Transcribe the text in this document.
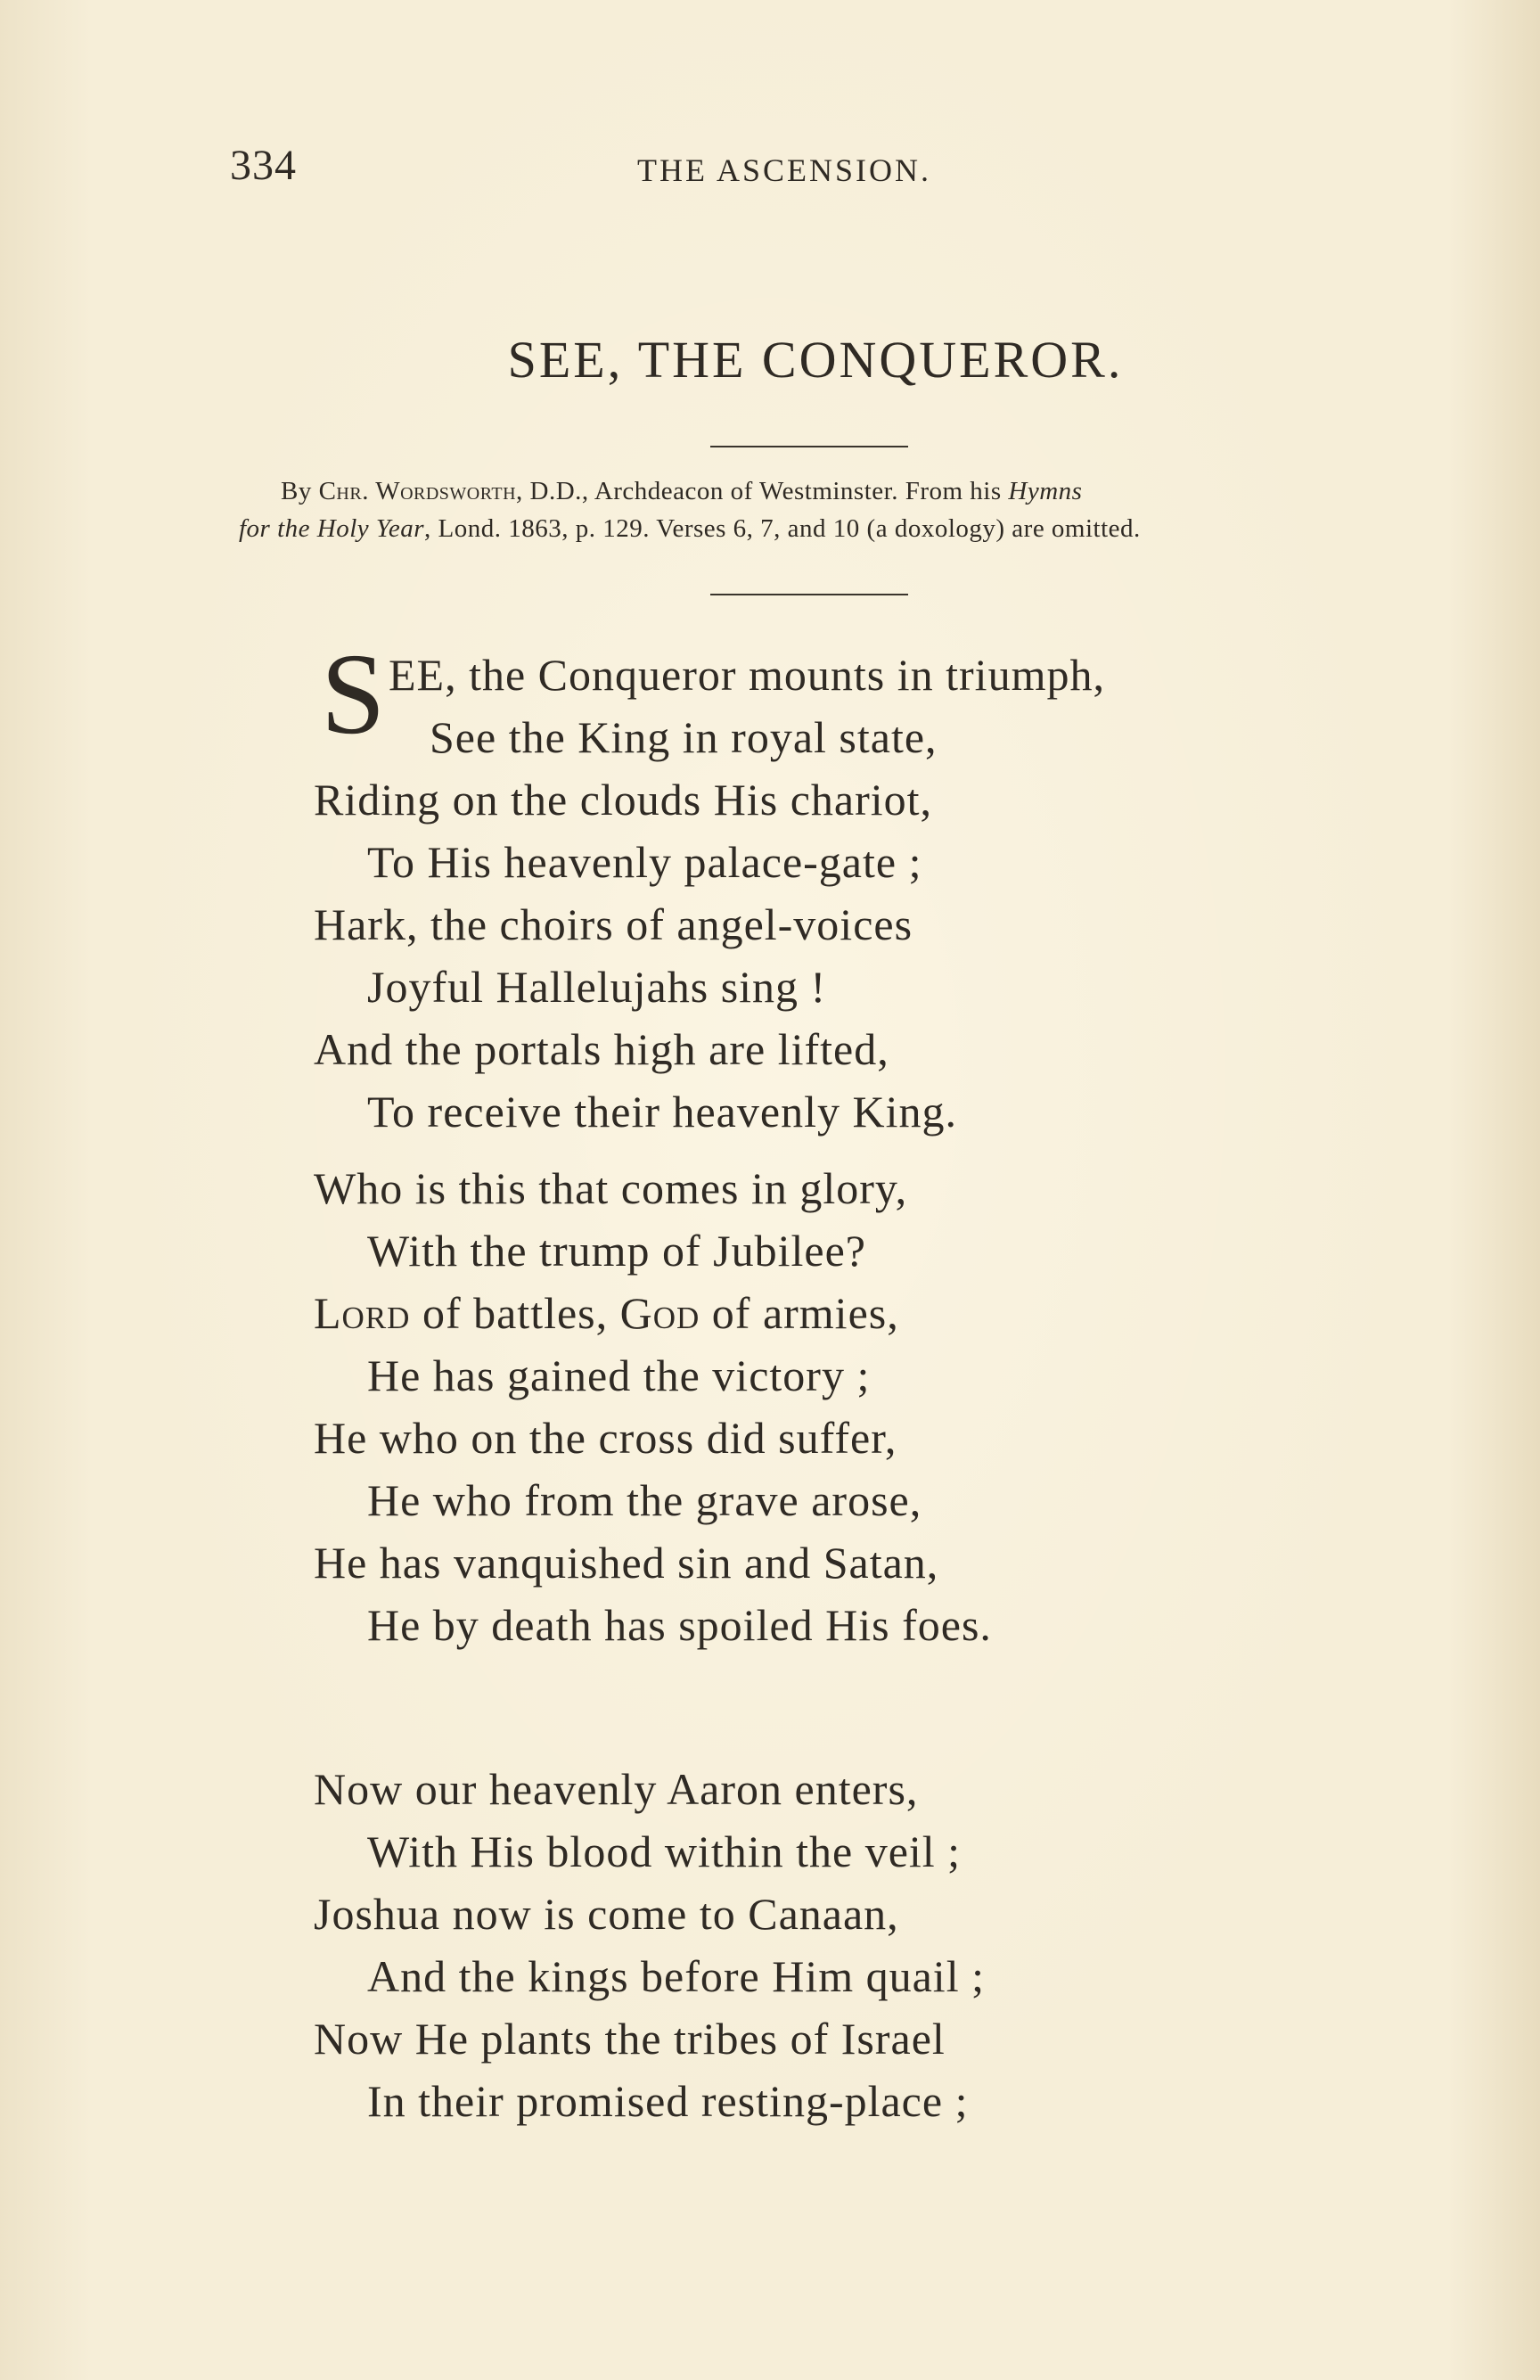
334	THE ASCENSION.
SEE, THE CONQUEROR.
By Chr. Wordsworth, D.D., Archdeacon of Westminster. From his Hymns
for the Holy Year, Lond. 1863, p. 129. Verses 6, 7, and 10 (a doxology) are omitted.
S EE, the Conqueror mounts in triumph,
See the King in royal state,
Riding on the clouds His chariot,
To His heavenly palace-gate ;
Hark, the choirs of angel-voices
Joyful Hallelujahs sing !
And the portals high are lifted,
To receive their heavenly King.
Who is this that comes in glory,
With the trump of Jubilee?
Lord of battles, God of armies,
He has gained the victory ;
He who on the cross did suffer,
He who from the grave arose,
He has vanquished sin and Satan,
He by death has spoiled His foes.
Now our heavenly Aaron enters,
With His blood within the veil ;
Joshua now is come to Canaan,
And the kings before Him quail ;
Now He plants the tribes of Israel
In their promised resting-place ;
